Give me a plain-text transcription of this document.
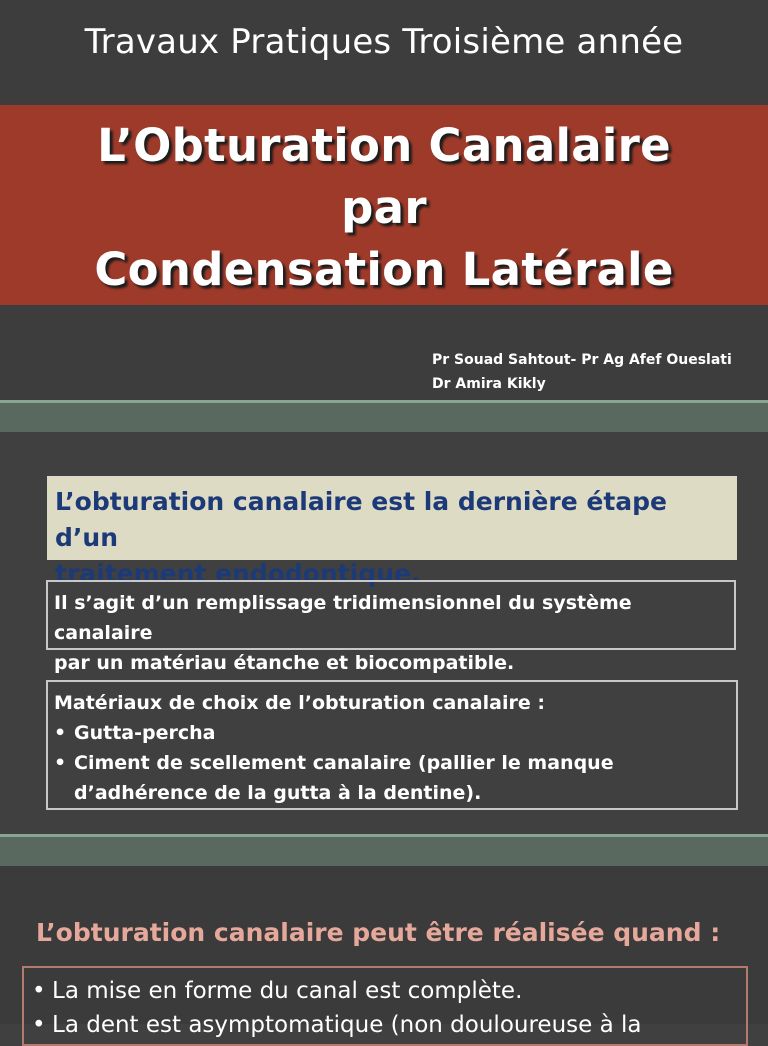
Travaux Pratiques Troisième année
L’Obturation Canalaire
par
Condensation Latérale
Pr Souad Sahtout- Pr Ag Afef Oueslati
Dr Amira Kikly
L’obturation canalaire est la dernière étape d’un
traitement endodontique.
Il s’agit d’un remplissage tridimensionnel du système canalaire
par un matériau étanche et biocompatible.
Matériaux de choix de l’obturation canalaire :
• Gutta-percha
• Ciment de scellement canalaire (pallier le manque
d’adhérence de la gutta à la dentine).
L’obturation canalaire peut être réalisée quand :
• La mise en forme du canal est complète.
• La dent est asymptomatique (non douloureuse à la
